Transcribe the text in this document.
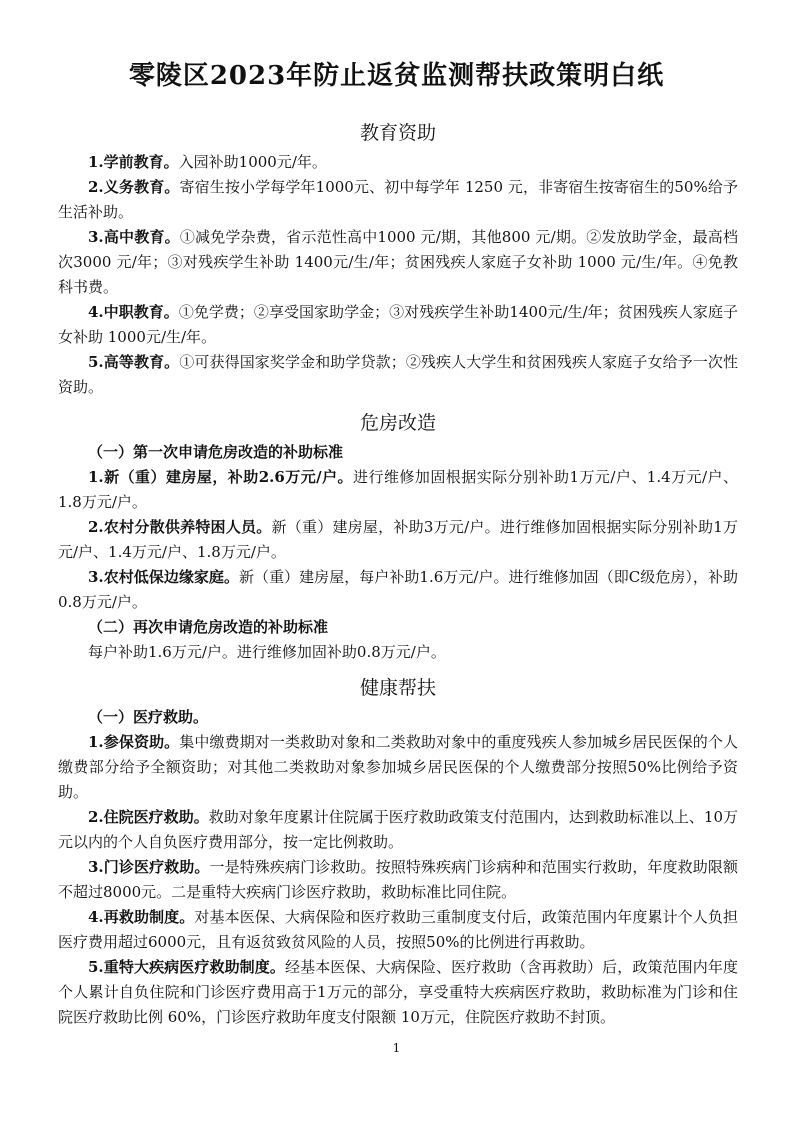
零陵区2023年防止返贫监测帮扶政策明白纸
教育资助

1.学前教育。入园补助1000元/年。

2.义务教育。寄宿生按小学每学年1000元、初中每学年 1250 元，非寄宿生按寄宿生的50%给予生活补助。

3.高中教育。①减免学杂费，省示范性高中1000 元/期，其他800 元/期。②发放助学金，最高档次3000 元/年；③对残疾学生补助 1400元/生/年；贫困残疾人家庭子女补助 1000 元/生/年。④免教科书费。

4.中职教育。①免学费；②享受国家助学金；③对残疾学生补助1400元/生/年；贫困残疾人家庭子女补助 1000元/生/年。

5.高等教育。①可获得国家奖学金和助学贷款；②残疾人大学生和贫困残疾人家庭子女给予一次性资助。

危房改造

（一）第一次申请危房改造的补助标准

1.新（重）建房屋，补助2.6万元/户。进行维修加固根据实际分别补助1万元/户、1.4万元/户、1.8万元/户。

2.农村分散供养特困人员。新（重）建房屋，补助3万元/户。进行维修加固根据实际分别补助1万元/户、1.4万元/户、1.8万元/户。

3.农村低保边缘家庭。新（重）建房屋，每户补助1.6万元/户。进行维修加固（即C级危房），补助0.8万元/户。

（二）再次申请危房改造的补助标准

每户补助1.6万元/户。进行维修加固补助0.8万元/户。

健康帮扶

（一）医疗救助。

1.参保资助。集中缴费期对一类救助对象和二类救助对象中的重度残疾人参加城乡居民医保的个人缴费部分给予全额资助；对其他二类救助对象参加城乡居民医保的个人缴费部分按照50%比例给予资助。

2.住院医疗救助。救助对象年度累计住院属于医疗救助政策支付范围内，达到救助标准以上、10万元以内的个人自负医疗费用部分，按一定比例救助。

3.门诊医疗救助。一是特殊疾病门诊救助。按照特殊疾病门诊病种和范围实行救助，年度救助限额不超过8000元。二是重特大疾病门诊医疗救助，救助标准比同住院。

4.再救助制度。对基本医保、大病保险和医疗救助三重制度支付后，政策范围内年度累计个人负担医疗费用超过6000元，且有返贫致贫风险的人员，按照50%的比例进行再救助。

5.重特大疾病医疗救助制度。经基本医保、大病保险、医疗救助（含再救助）后，政策范围内年度个人累计自负住院和门诊医疗费用高于1万元的部分，享受重特大疾病医疗救助，救助标准为门诊和住院医疗救助比例 60%，门诊医疗救助年度支付限额 10万元，住院医疗救助不封顶。

1
